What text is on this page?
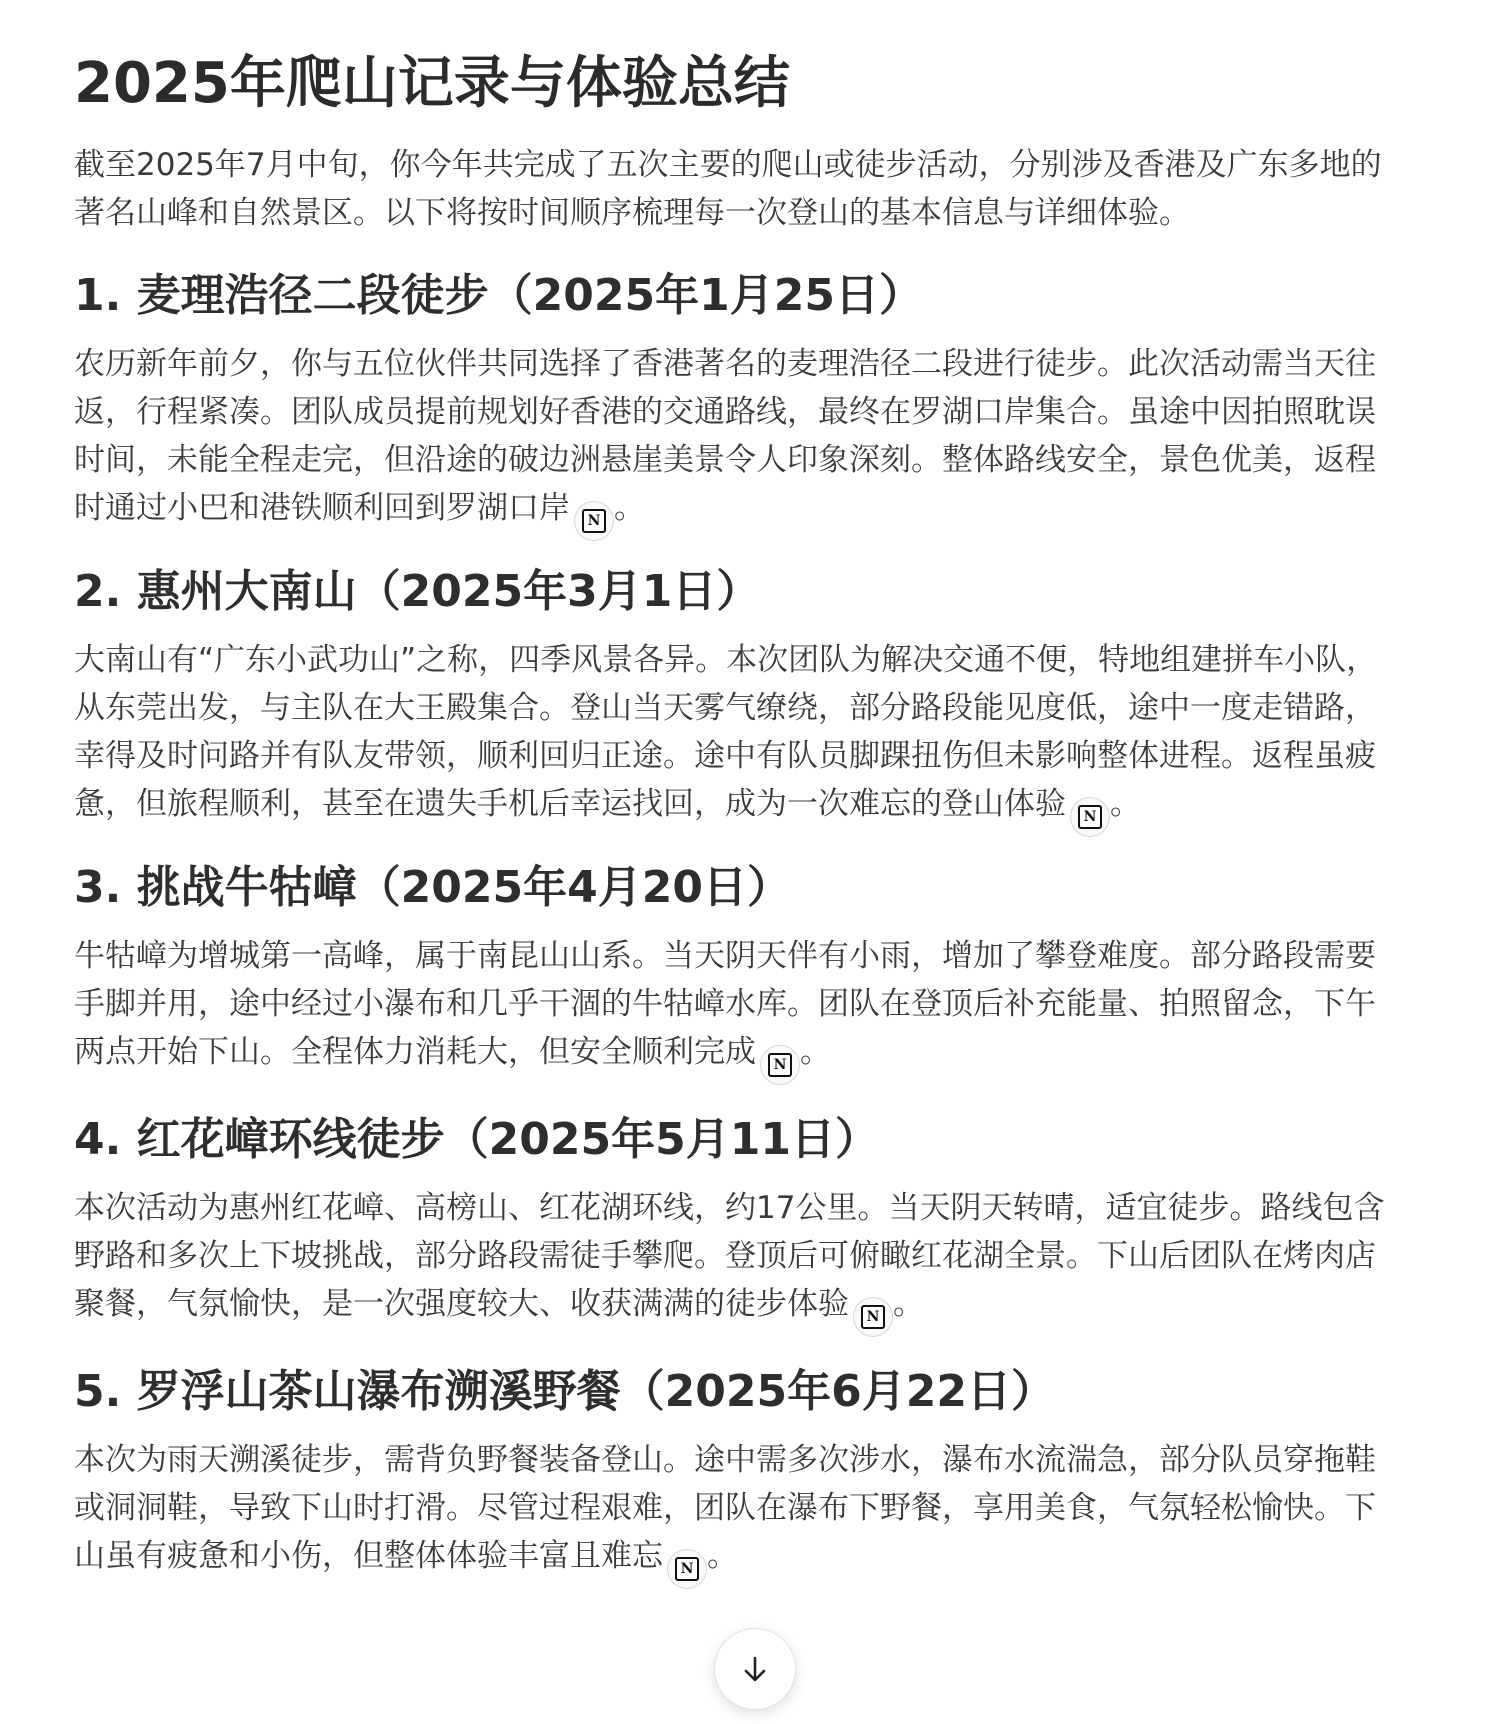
2025年爬山记录与体验总结

截至2025年7月中旬，你今年共完成了五次主要的爬山或徒步活动，分别涉及香港及广东多地的著名山峰和自然景区。以下将按时间顺序梳理每一次登山的基本信息与详细体验。

1. 麦理浩径二段徒步（2025年1月25日）

农历新年前夕，你与五位伙伴共同选择了香港著名的麦理浩径二段进行徒步。此次活动需当天往返，行程紧凑。团队成员提前规划好香港的交通路线，最终在罗湖口岸集合。虽途中因拍照耽误时间，未能全程走完，但沿途的破边洲悬崖美景令人印象深刻。整体路线安全，景色优美，返程时通过小巴和港铁顺利回到罗湖口岸	N 。

2. 惠州大南山（2025年3月1日）

大南山有“广东小武功山”之称，四季风景各异。本次团队为解决交通不便，特地组建拼车小队，从东莞出发，与主队在大王殿集合。登山当天雾气缭绕，部分路段能见度低，途中一度走错路，幸得及时问路并有队友带领，顺利回归正途。途中有队员脚踝扭伤但未影响整体进程。返程虽疲惫，但旅程顺利，甚至在遗失手机后幸运找回，成为一次难忘的登山体验	N 。

3. 挑战牛牯嶂（2025年4月20日）

牛牯嶂为增城第一高峰，属于南昆山山系。当天阴天伴有小雨，增加了攀登难度。部分路段需要手脚并用，途中经过小瀑布和几乎干涸的牛牯嶂水库。团队在登顶后补充能量、拍照留念，下午两点开始下山。全程体力消耗大，但安全顺利完成	N 。

4. 红花嶂环线徒步（2025年5月11日）

本次活动为惠州红花嶂、高榜山、红花湖环线，约17公里。当天阴天转晴，适宜徒步。路线包含野路和多次上下坡挑战，部分路段需徒手攀爬。登顶后可俯瞰红花湖全景。下山后团队在烤肉店聚餐，气氛愉快，是一次强度较大、收获满满的徒步体验	N 。

5. 罗浮山茶山瀑布溯溪野餐（2025年6月22日）

本次为雨天溯溪徒步，需背负野餐装备登山。途中需多次涉水，瀑布水流湍急，部分队员穿拖鞋或洞洞鞋，导致下山时打滑。尽管过程艰难，团队在瀑布下野餐，享用美食，气氛轻松愉快。下山虽有疲惫和小伤，但整体体验丰富且难忘	N 。
